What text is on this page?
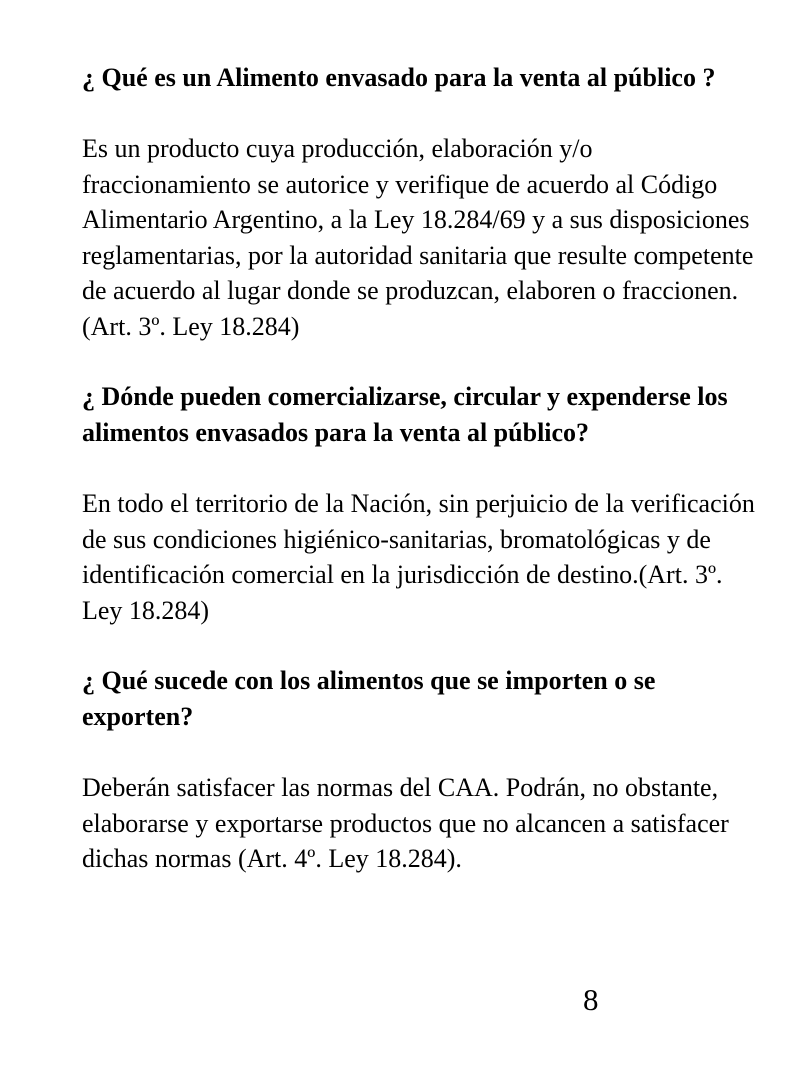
¿ Qué es un Alimento envasado para la venta al público ?

Es un producto cuya producción, elaboración y/o fraccionamiento se autorice y verifique de acuerdo al Código Alimentario Argentino, a la Ley 18.284/69 y a sus disposiciones reglamentarias, por la autoridad sanitaria que resulte competente de acuerdo al lugar donde se produzcan, elaboren o fraccionen.(Art. 3º. Ley 18.284)

¿ Dónde pueden comercializarse, circular y expenderse los alimentos envasados para la venta al público?

En todo el territorio de la Nación, sin perjuicio de la verificación de sus condiciones higiénico-sanitarias, bromatológicas y de identificación comercial en la jurisdicción de destino.(Art. 3º. Ley 18.284)

¿ Qué sucede con los alimentos que se importen o se exporten?

Deberán satisfacer las normas del CAA. Podrán, no obstante, elaborarse y exportarse productos que no alcancen a satisfacer dichas normas (Art. 4º. Ley 18.284).

8
